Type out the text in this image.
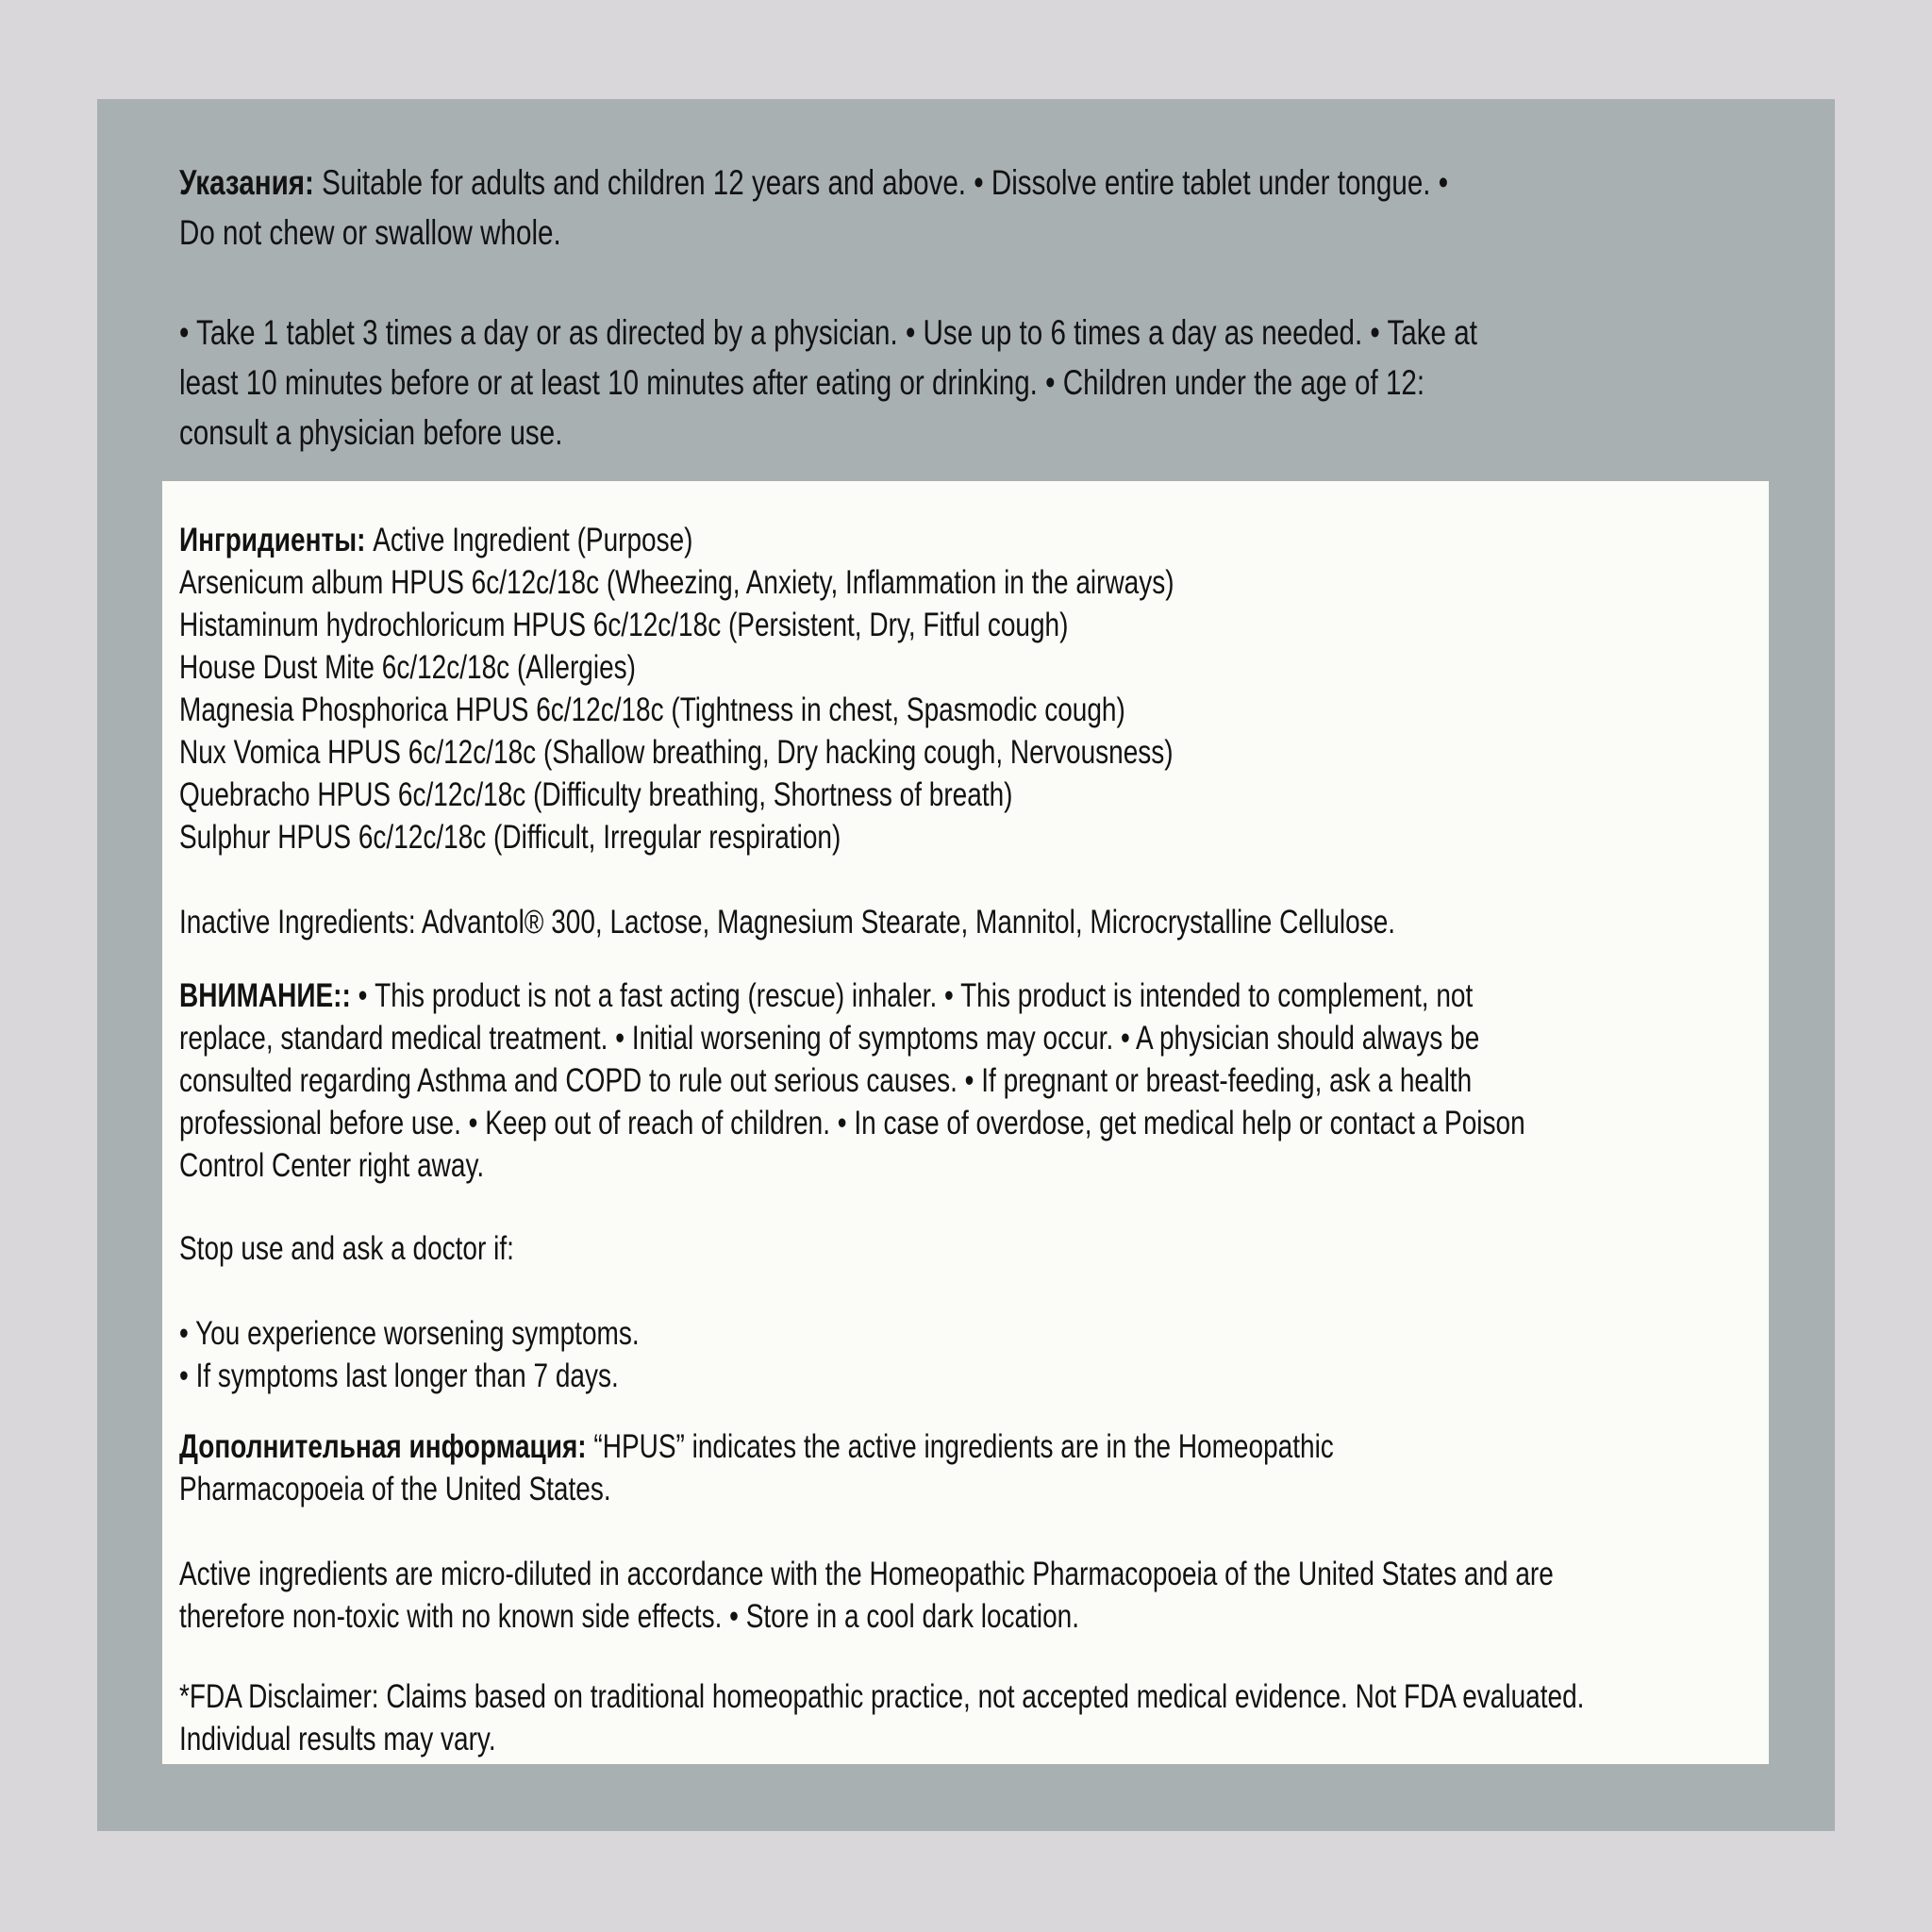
Указания: Suitable for adults and children 12 years and above. • Dissolve entire tablet under tongue. •
Do not chew or swallow whole.
• Take 1 tablet 3 times a day or as directed by a physician. • Use up to 6 times a day as needed. • Take at
least 10 minutes before or at least 10 minutes after eating or drinking. • Children under the age of 12:
consult a physician before use.
Ингридиенты: Active Ingredient (Purpose)
Arsenicum album HPUS 6c/12c/18c (Wheezing, Anxiety, Inflammation in the airways)
Histaminum hydrochloricum HPUS 6c/12c/18c (Persistent, Dry, Fitful cough)
House Dust Mite 6c/12c/18c (Allergies)
Magnesia Phosphorica HPUS 6c/12c/18c (Tightness in chest, Spasmodic cough)
Nux Vomica HPUS 6c/12c/18c (Shallow breathing, Dry hacking cough, Nervousness)
Quebracho HPUS 6c/12c/18c (Difficulty breathing, Shortness of breath)
Sulphur HPUS 6c/12c/18c (Difficult, Irregular respiration)
Inactive Ingredients: Advantol® 300, Lactose, Magnesium Stearate, Mannitol, Microcrystalline Cellulose.
ВНИМАНИЕ:: • This product is not a fast acting (rescue) inhaler. • This product is intended to complement, not
replace, standard medical treatment. • Initial worsening of symptoms may occur. • A physician should always be
consulted regarding Asthma and COPD to rule out serious causes. • If pregnant or breast-feeding, ask a health
professional before use. • Keep out of reach of children. • In case of overdose, get medical help or contact a Poison
Control Center right away.
Stop use and ask a doctor if:
• You experience worsening symptoms.
• If symptoms last longer than 7 days.
Дополнительная информация: “HPUS” indicates the active ingredients are in the Homeopathic
Pharmacopoeia of the United States.
Active ingredients are micro-diluted in accordance with the Homeopathic Pharmacopoeia of the United States and are
therefore non-toxic with no known side effects. • Store in a cool dark location.
*FDA Disclaimer: Claims based on traditional homeopathic practice, not accepted medical evidence. Not FDA evaluated.
Individual results may vary.
